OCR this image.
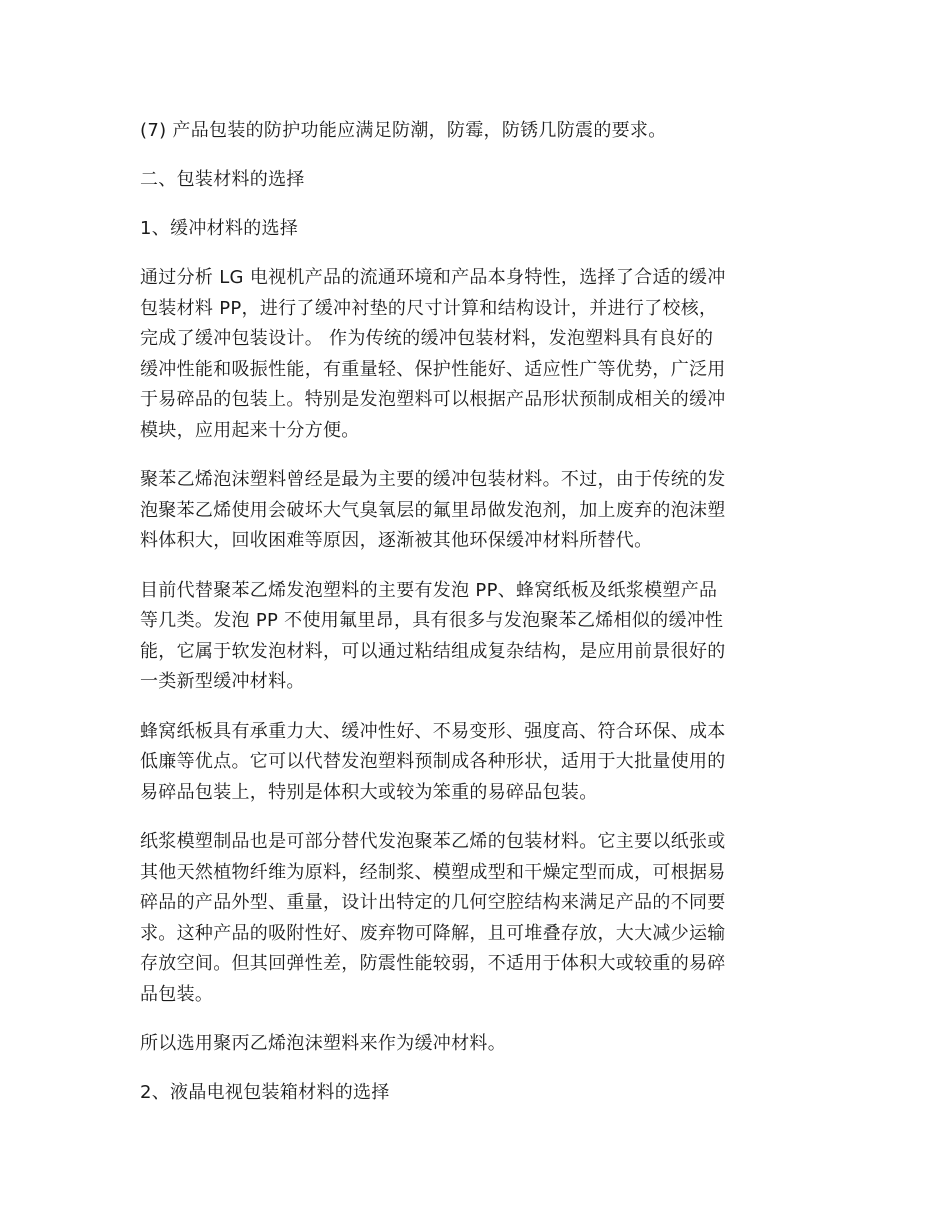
(7) 产品包装的防护功能应满足防潮，防霉，防锈几防震的要求。
二、包装材料的选择
1、缓冲材料的选择
通过分析 LG 电视机产品的流通环境和产品本身特性，选择了合适的缓冲
包装材料 PP，进行了缓冲衬垫的尺寸计算和结构设计，并进行了校核，
完成了缓冲包装设计。 作为传统的缓冲包装材料，发泡塑料具有良好的
缓冲性能和吸振性能，有重量轻、保护性能好、适应性广等优势，广泛用
于易碎品的包装上。特别是发泡塑料可以根据产品形状预制成相关的缓冲
模块，应用起来十分方便。
聚苯乙烯泡沫塑料曾经是最为主要的缓冲包装材料。不过，由于传统的发
泡聚苯乙烯使用会破坏大气臭氧层的氟里昂做发泡剂，加上废弃的泡沫塑
料体积大，回收困难等原因，逐渐被其他环保缓冲材料所替代。
目前代替聚苯乙烯发泡塑料的主要有发泡 PP、蜂窝纸板及纸浆模塑产品
等几类。发泡 PP 不使用氟里昂，具有很多与发泡聚苯乙烯相似的缓冲性
能，它属于软发泡材料，可以通过粘结组成复杂结构，是应用前景很好的
一类新型缓冲材料。
蜂窝纸板具有承重力大、缓冲性好、不易变形、强度高、符合环保、成本
低廉等优点。它可以代替发泡塑料预制成各种形状，适用于大批量使用的
易碎品包装上，特别是体积大或较为笨重的易碎品包装。
纸浆模塑制品也是可部分替代发泡聚苯乙烯的包装材料。它主要以纸张或
其他天然植物纤维为原料，经制浆、模塑成型和干燥定型而成，可根据易
碎品的产品外型、重量，设计出特定的几何空腔结构来满足产品的不同要
求。这种产品的吸附性好、废弃物可降解，且可堆叠存放，大大减少运输
存放空间。但其回弹性差，防震性能较弱，不适用于体积大或较重的易碎
品包装。
所以选用聚丙乙烯泡沫塑料来作为缓冲材料。
2、液晶电视包装箱材料的选择
